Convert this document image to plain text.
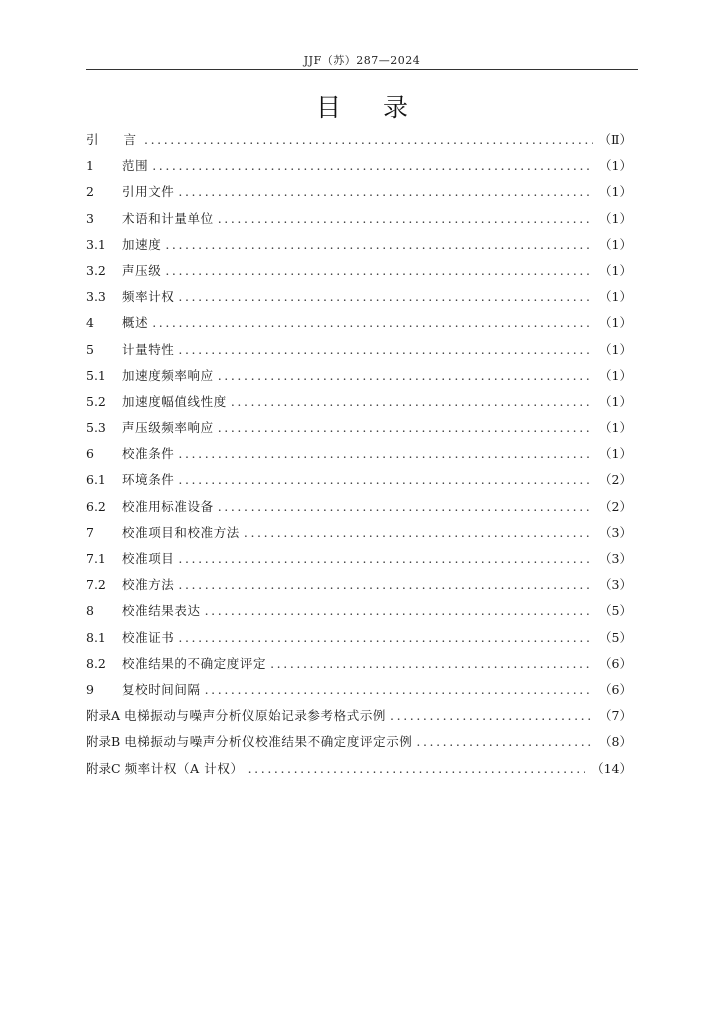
JJF（苏）287—2024
目录
引　　言 .....	（Ⅱ）
1	范围 .....	（1）
2	引用文件 .....	（1）
3	术语和计量单位 .....	（1）
3.1	加速度 .....	（1）
3.2	声压级 .....	（1）
3.3	频率计权 .....	（1）
4	概述 .....	（1）
5	计量特性 .....	（1）
5.1	加速度频率响应 .....	（1）
5.2	加速度幅值线性度 .....	（1）
5.3	声压级频率响应 .....	（1）
6	校准条件 .....	（1）
6.1	环境条件 .....	（2）
6.2	校准用标准设备 .....	（2）
7	校准项目和校准方法 .....	（3）
7.1	校准项目 .....	（3）
7.2	校准方法 .....	（3）
8	校准结果表达 .....	（5）
8.1	校准证书 .....	（5）
8.2	校准结果的不确定度评定 .....	（6）
9	复校时间间隔 .....	（6）
附录A 电梯振动与噪声分析仪原始记录参考格式示例 .....	（7）
附录B 电梯振动与噪声分析仪校准结果不确定度评定示例 .....	（8）
附录C 频率计权（A 计权） .....	（14）
